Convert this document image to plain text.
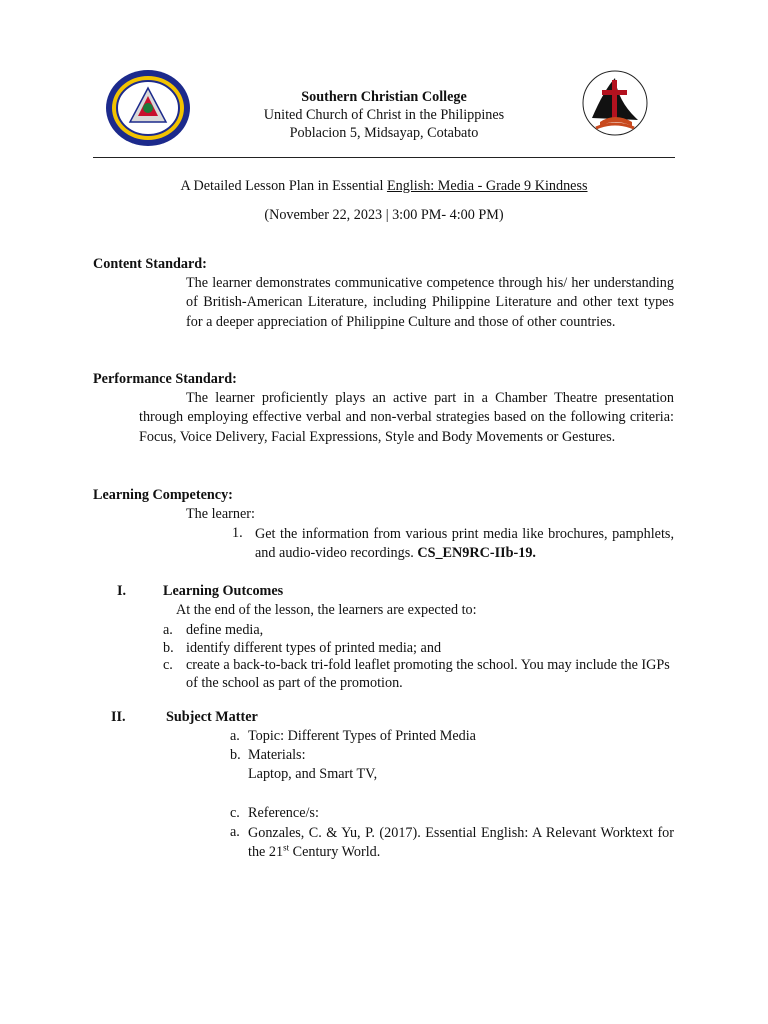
Southern Christian College
United Church of Christ in the Philippines
Poblacion 5, Midsayap, Cotabato
A Detailed Lesson Plan in Essential English: Media - Grade 9 Kindness
(November 22, 2023 | 3:00 PM- 4:00 PM)
Content Standard:
The learner demonstrates communicative competence through his/ her understanding of British-American Literature, including Philippine Literature and other text types for a deeper appreciation of Philippine Culture and those of other countries.
Performance Standard:
The learner proficiently plays an active part in a Chamber Theatre presentation through employing effective verbal and non-verbal strategies based on the following criteria: Focus, Voice Delivery, Facial Expressions, Style and Body Movements or Gestures.
Learning Competency:
The learner:
1. Get the information from various print media like brochures, pamphlets, and audio-video recordings. CS_EN9RC-IIb-19.
I.	Learning Outcomes
At the end of the lesson, the learners are expected to:
a. define media,
b. identify different types of printed media; and
c. create a back-to-back tri-fold leaflet promoting the school. You may include the IGPs of the school as part of the promotion.
II.	Subject Matter
a. Topic: Different Types of Printed Media
b. Materials:
Laptop, and Smart TV,
c. Reference/s:
a. Gonzales, C. & Yu, P. (2017). Essential English: A Relevant Worktext for the 21st Century World.
